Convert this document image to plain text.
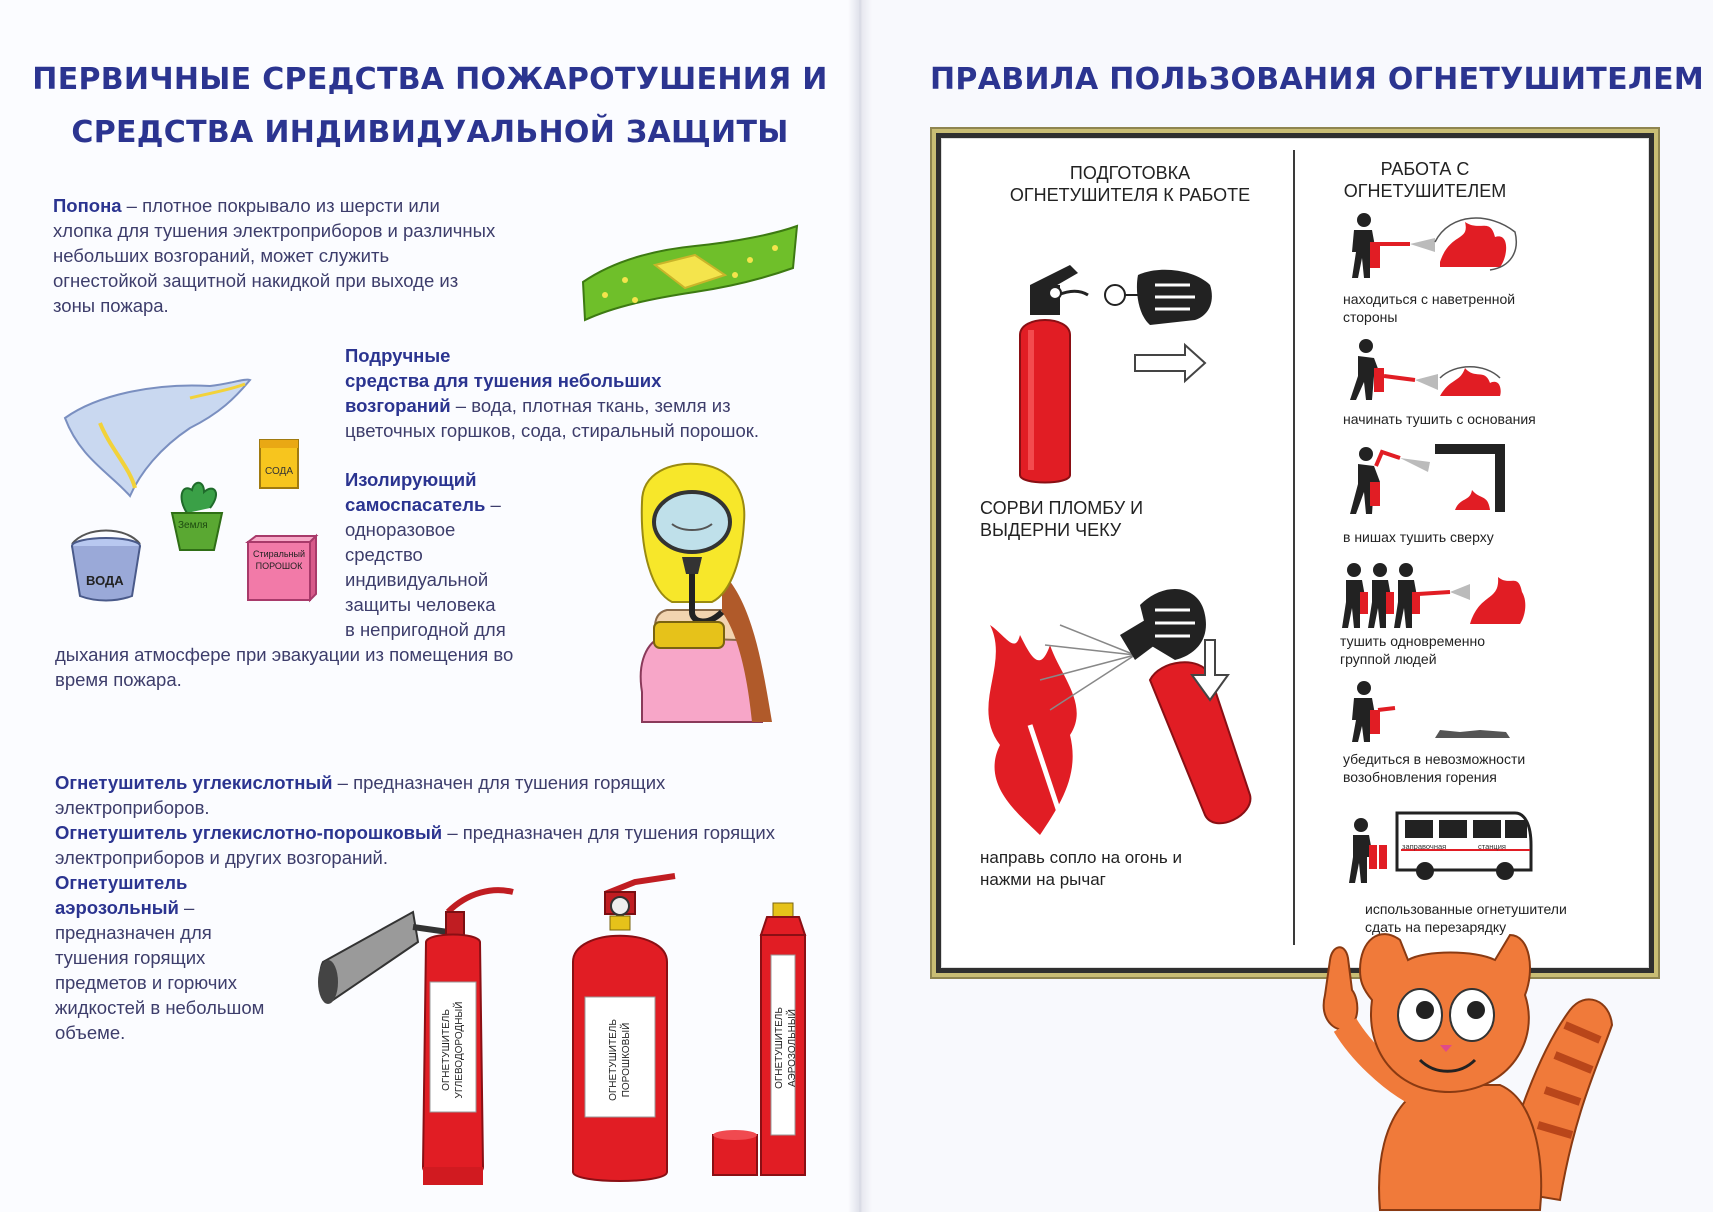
ПЕРВИЧНЫЕ СРЕДСТВА ПОЖАРОТУШЕНИЯ И
СРЕДСТВА ИНДИВИДУАЛЬНОЙ ЗАЩИТЫ
Попона – плотное покрывало из шерсти или
хлопка для тушения электроприборов и различных
небольших возгораний, может служить
огнестойкой защитной накидкой при выходе из
зоны пожара.
Подручные
средства для тушения небольших
возгораний – вода, плотная ткань, земля из
цветочных горшков, сода, стиральный порошок.
СОДА
Земля
ВОДА
Стиральный
ПОРОШОК
Изолирующий
самоспасатель –
одноразовое
средство
индивидуальной
защиты человека
в непригодной для
дыхания атмосфере при эвакуации из помещения во
время пожара.
Огнетушитель углекислотный – предназначен для тушения горящих
электроприборов.
Огнетушитель углекислотно-порошковый – предназначен для тушения горящих
электроприборов и других возгораний.
Огнетушитель
аэрозольный –
предназначен для
тушения горящих
предметов и горючих
жидкостей в небольшом
объеме.	ОГНЕТУШИТЕЛЬ УГЛЕВОДОРОДНЫЙ	ОГНЕТУШИТЕЛЬ ПОРОШКОВЫЙ	ОГНЕТУШИТЕЛЬ АЭРОЗОЛЬНЫЙ
ПРАВИЛА ПОЛЬЗОВАНИЯ ОГНЕТУШИТЕЛЕМ
ПОДГОТОВКА
ОГНЕТУШИТЕЛЯ К РАБОТЕ
РАБОТА С
ОГНЕТУШИТЕЛЕМ
СОРВИ ПЛОМБУ И
ВЫДЕРНИ ЧЕКУ
направь сопло на огонь и
нажми на рычаг
находиться с наветренной
стороны
начинать тушить с основания
в нишах тушить сверху
тушить одновременно
группой людей
убедиться в невозможности
возобновления горения
заправочная	станция
использованные огнетушители
сдать на перезарядку
